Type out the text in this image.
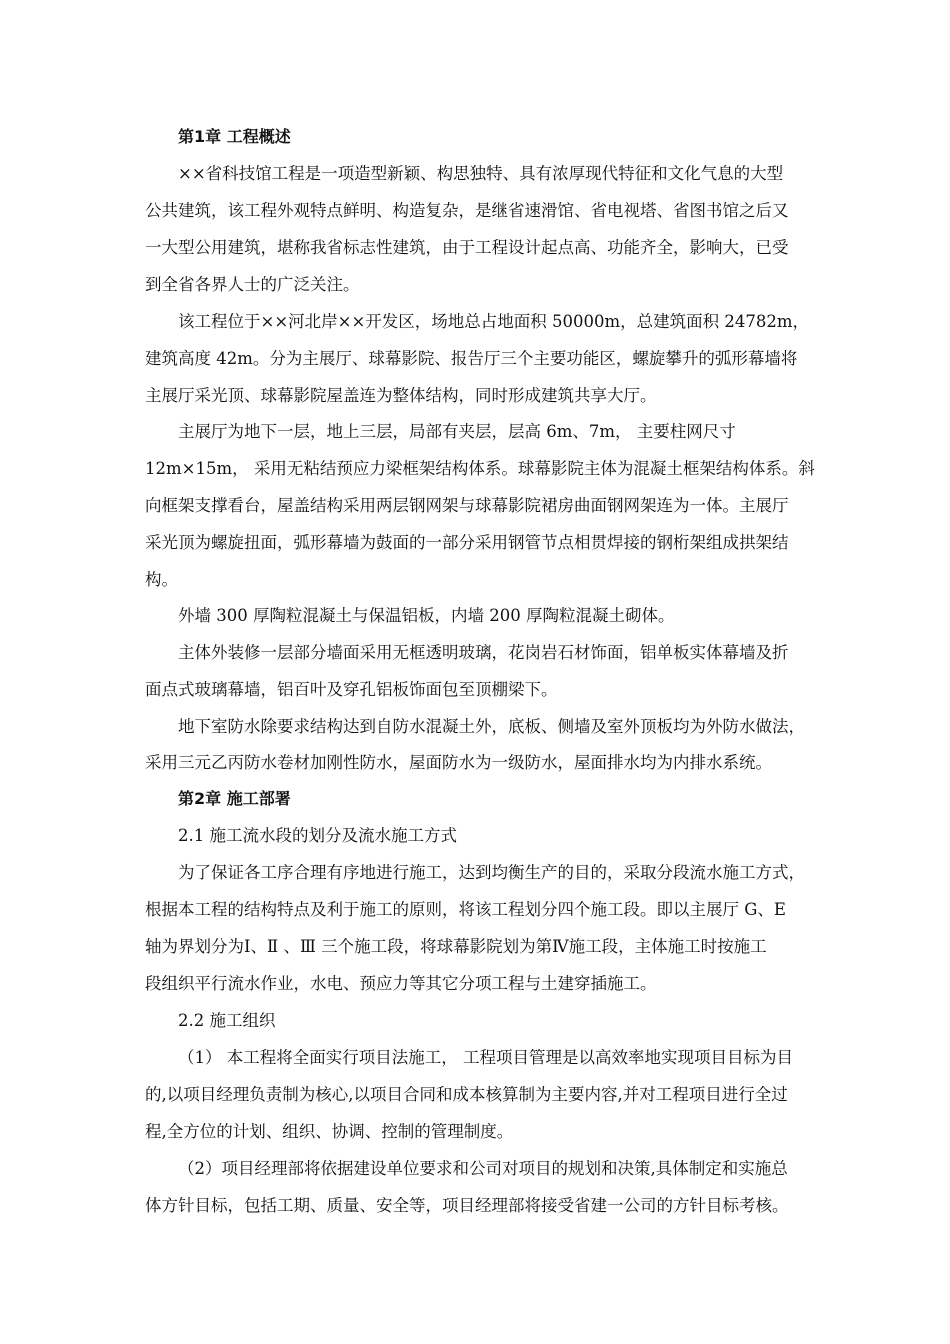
第1章 工程概述
××省科技馆工程是一项造型新颖、构思独特、具有浓厚现代特征和文化气息的大型
公共建筑，该工程外观特点鲜明、构造复杂，是继省速滑馆、省电视塔、省图书馆之后又
一大型公用建筑，堪称我省标志性建筑，由于工程设计起点高、功能齐全，影响大，已受
到全省各界人士的广泛关注。
该工程位于××河北岸××开发区，场地总占地面积 50000m，总建筑面积 24782m，
建筑高度 42m。分为主展厅、球幕影院、报告厅三个主要功能区，螺旋攀升的弧形幕墙将
主展厅采光顶、球幕影院屋盖连为整体结构，同时形成建筑共享大厅。
主展厅为地下一层，地上三层，局部有夹层，层高 6m、7m， 主要柱网尺寸
12m×15m， 采用无粘结预应力梁框架结构体系。球幕影院主体为混凝土框架结构体系。斜
向框架支撑看台，屋盖结构采用两层钢网架与球幕影院裙房曲面钢网架连为一体。主展厅
采光顶为螺旋扭面，弧形幕墙为鼓面的一部分采用钢管节点相贯焊接的钢桁架组成拱架结
构。
外墙 300 厚陶粒混凝土与保温铝板，内墙 200 厚陶粒混凝土砌体。
主体外装修一层部分墙面采用无框透明玻璃，花岗岩石材饰面，铝单板实体幕墙及折
面点式玻璃幕墙，铝百叶及穿孔铝板饰面包至顶棚梁下。
地下室防水除要求结构达到自防水混凝土外，底板、侧墙及室外顶板均为外防水做法，
采用三元乙丙防水卷材加刚性防水，屋面防水为一级防水，屋面排水均为内排水系统。
第2章 施工部署
2.1 施工流水段的划分及流水施工方式
为了保证各工序合理有序地进行施工，达到均衡生产的目的，采取分段流水施工方式，
根据本工程的结构特点及利于施工的原则，将该工程划分四个施工段。即以主展厅 G、E
轴为界划分为Ⅰ、Ⅱ 、Ⅲ 三个施工段，将球幕影院划为第Ⅳ施工段，主体施工时按施工
段组织平行流水作业，水电、预应力等其它分项工程与土建穿插施工。
2.2 施工组织
（1） 本工程将全面实行项目法施工， 工程项目管理是以高效率地实现项目目标为目
的,以项目经理负责制为核心,以项目合同和成本核算制为主要内容,并对工程项目进行全过
程,全方位的计划、组织、协调、控制的管理制度。
（2）项目经理部将依据建设单位要求和公司对项目的规划和决策,具体制定和实施总
体方针目标，包括工期、质量、安全等，项目经理部将接受省建一公司的方针目标考核。
